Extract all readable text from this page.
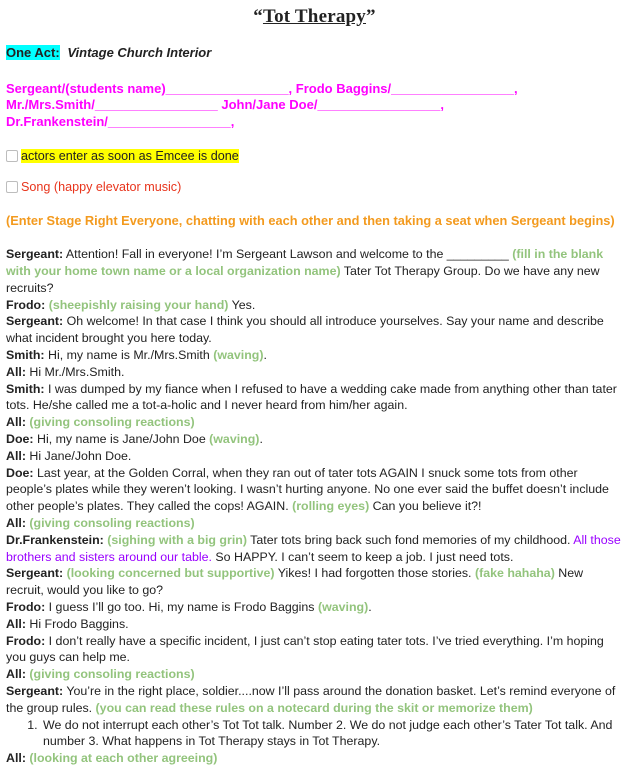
“Tot Therapy”
One Act: Vintage Church Interior
Sergeant/(students name)_________________, Frodo Baggins/_________________,
Mr./Mrs.Smith/_________________ John/Jane Doe/_________________,
Dr.Frankenstein/_________________,
actors enter as soon as Emcee is done
Song (happy elevator music)
(Enter Stage Right Everyone, chatting with each other and then taking a seat when Sergeant begins)

Sergeant: Attention! Fall in everyone! I’m Sergeant Lawson and welcome to the _________ (fill in the blank with your home town name or a local organization name) Tater Tot Therapy Group. Do we have any new recruits?

Frodo: (sheepishly raising your hand) Yes.

Sergeant: Oh welcome! In that case I think you should all introduce yourselves. Say your name and describe what incident brought you here today.

Smith: Hi, my name is Mr./Mrs.Smith (waving).

All: Hi Mr./Mrs.Smith.

Smith: I was dumped by my fiance when I refused to have a wedding cake made from anything other than tater tots. He/she called me a tot-a-holic and I never heard from him/her again.

All: (giving consoling reactions)

Doe: Hi, my name is Jane/John Doe (waving).

All: Hi Jane/John Doe.

Doe: Last year, at the Golden Corral, when they ran out of tater tots AGAIN I snuck some tots from other people’s plates while they weren’t looking. I wasn’t hurting anyone. No one ever said the buffet doesn’t include other people’s plates. They called the cops! AGAIN. (rolling eyes) Can you believe it?!

All: (giving consoling reactions)

Dr.Frankenstein: (sighing with a big grin) Tater tots bring back such fond memories of my childhood. All those brothers and sisters around our table. So HAPPY. I can’t seem to keep a job. I just need tots.

Sergeant: (looking concerned but supportive) Yikes! I had forgotten those stories. (fake hahaha) New recruit, would you like to go?

Frodo: I guess I’ll go too. Hi, my name is Frodo Baggins (waving).

All: Hi Frodo Baggins.

Frodo: I don’t really have a specific incident, I just can’t stop eating tater tots. I’ve tried everything. I’m hoping you guys can help me.

All: (giving consoling reactions)

Sergeant: You’re in the right place, soldier....now I’ll pass around the donation basket. Let’s remind everyone of the group rules. (you can read these rules on a notecard during the skit or memorize them)

1. We do not interrupt each other’s Tot Tot talk. Number 2. We do not judge each other’s Tater Tot talk. And number 3. What happens in Tot Therapy stays in Tot Therapy.

All: (looking at each other agreeing)
